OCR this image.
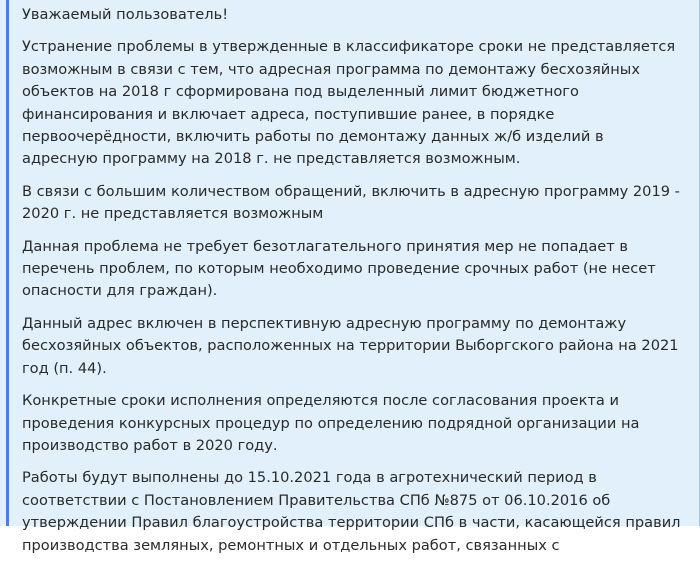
Уважаемый пользователь!

Устранение проблемы в утвержденные в классификаторе сроки не представляется возможным в связи с тем, что адресная программа по демонтажу бесхозяйных объектов на 2018 г сформирована под выделенный лимит бюджетного финансирования и включает адреса, поступившие ранее, в порядке первоочерёдности, включить работы по демонтажу данных ж/б изделий в адресную программу на 2018 г. не представляется возможным.

В связи с большим количеством обращений, включить в адресную программу 2019 - 2020 г. не представляется возможным

Данная проблема не требует безотлагательного принятия мер не попадает в перечень проблем, по которым необходимо проведение срочных работ (не несет опасности для граждан).

Данный адрес включен в перспективную адресную программу по демонтажу бесхозяйных объектов, расположенных на территории Выборгского района на 2021 год (п. 44).

Конкретные сроки исполнения определяются после согласования проекта и проведения конкурсных процедур по определению подрядной организации на производство работ в 2020 году.

Работы будут выполнены до 15.10.2021 года в агротехнический период в соответствии с Постановлением Правительства СПб №875 от 06.10.2016 об утверждении Правил благоустройства территории СПб в части, касающейся правил производства земляных, ремонтных и отдельных работ, связанных с
